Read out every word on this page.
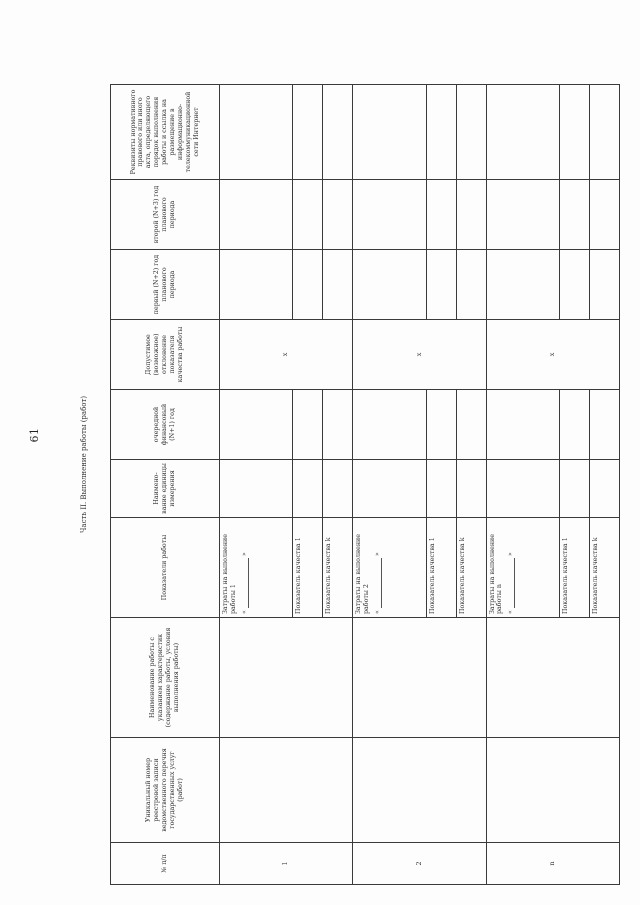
61	Часть II. Выполнение работы (работ)
№ п/п	Уникальный номер реестровой записи ведомственного перечня государственных услуг (работ)	Наименование работы с указанием характеристик (содержание работы, условия выполнения работы)	Показатели работы	Наимено-вание единицы измерения	очередной финансовый (N+1) год	Допустимое (возможное) отклонение показателя качества работы	первый (N+2) год планового периода	второй (N+3) год планового периода	Реквизиты нормативного правового или иного акта, определяющего порядок выполнения работы и ссылка на размещение в информационно-телекоммуникационной сети Интернет
1			Затраты на выполнение работы 1 «»			х			
			Показатель качества 1						
			Показатель качества k						
2			Затраты на выполнение работы 2 «»			х			
			Показатель качества 1						
			Показатель качества k						
n			Затраты на выполнение работы n «»			х			
			Показатель качества 1						
			Показатель качества k						
